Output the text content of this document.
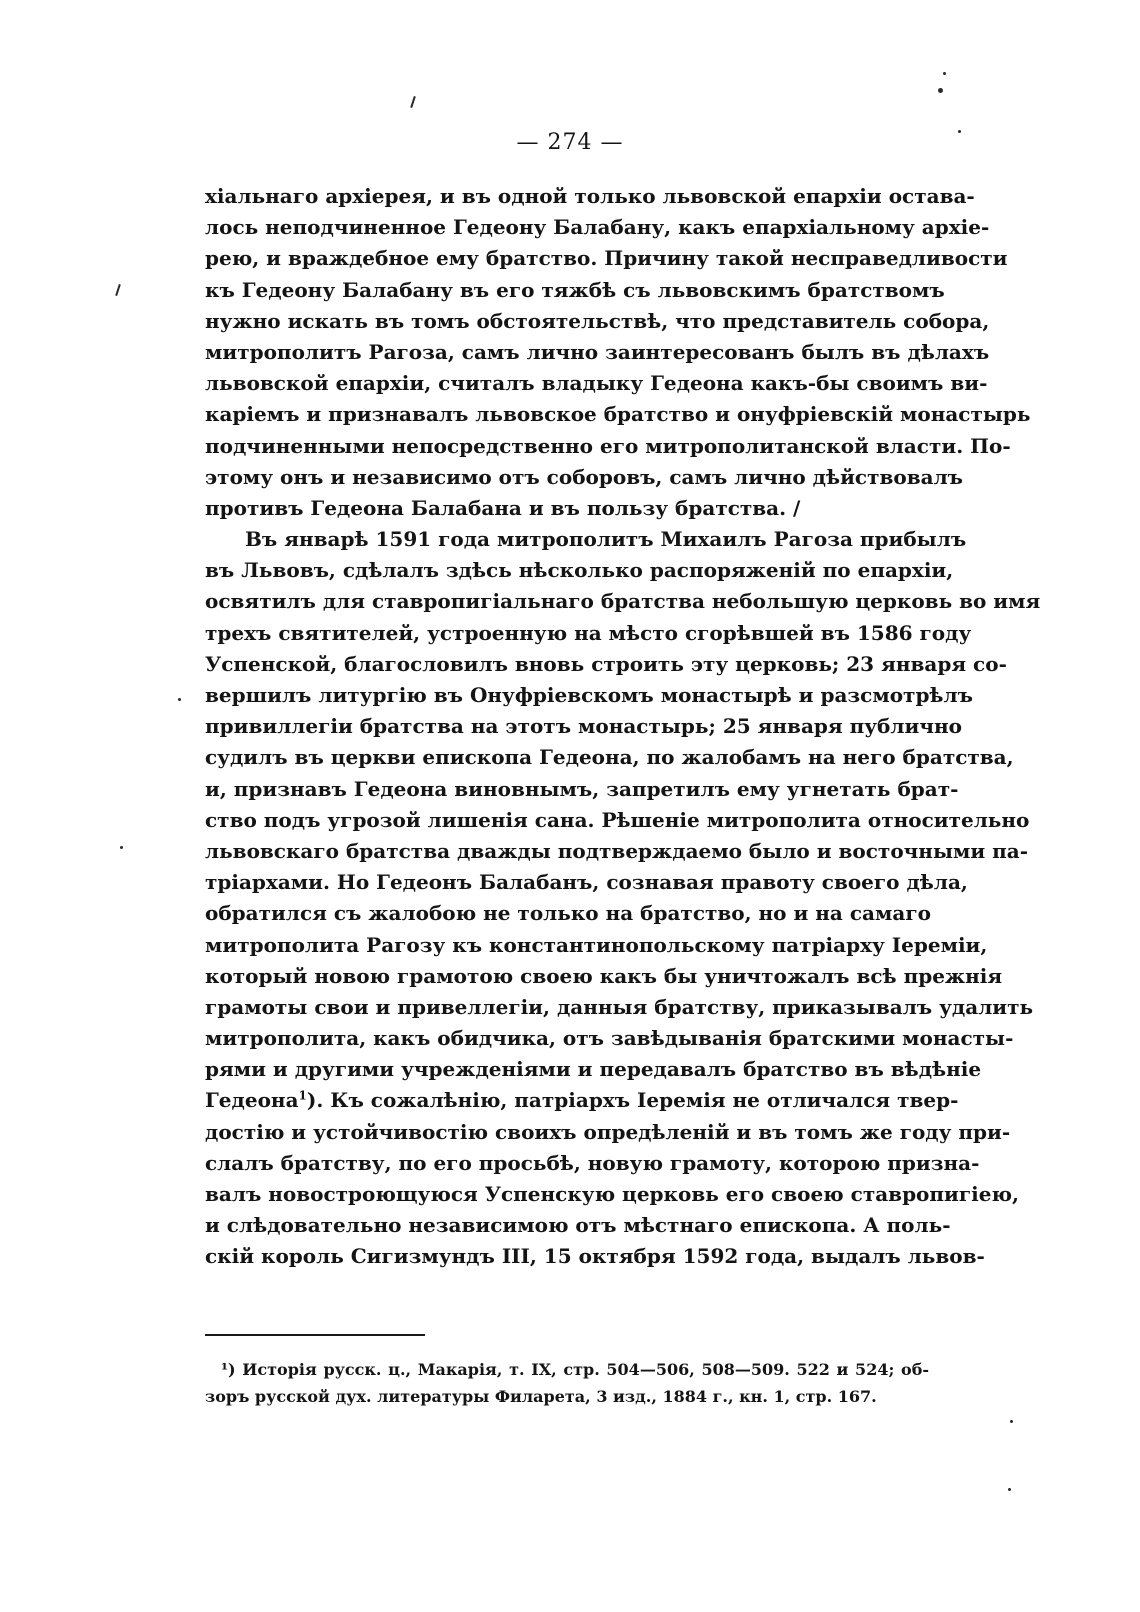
— 274 —
хіальнаго архіерея, и въ одной только львовской епархіи остава-
лось неподчиненное Гедеону Балабану, какъ епархіальному архіе-
рею, и враждебное ему братство. Причину такой несправедливости
къ Гедеону Балабану въ его тяжбѣ съ львовскимъ братствомъ
нужно искать въ томъ обстоятельствѣ, что представитель собора,
митрополитъ Рагоза, самъ лично заинтересованъ былъ въ дѣлахъ
львовской епархіи, считалъ владыку Гедеона какъ-бы своимъ ви-
каріемъ и признавалъ львовское братство и онуфріевскій монастырь
подчиненными непосредственно его митрополитанской власти. По-
этому онъ и независимо отъ соборовъ, самъ лично дѣйствовалъ
противъ Гедеона Балабана и въ пользу братства. /
Въ январѣ 1591 года митрополитъ Михаилъ Рагоза прибылъ
въ Львовъ, сдѣлалъ здѣсь нѣсколько распоряженій по епархіи,
освятилъ для ставропигіальнаго братства небольшую церковь во имя
трехъ святителей, устроенную на мѣсто сгорѣвшей въ 1586 году
Успенской, благословилъ вновь строить эту церковь; 23 января со-
вершилъ литургію въ Онуфріевскомъ монастырѣ и разсмотрѣлъ
привиллегіи братства на этотъ монастырь; 25 января публично
судилъ въ церкви епископа Гедеона, по жалобамъ на него братства,
и, признавъ Гедеона виновнымъ, запретилъ ему угнетать брат-
ство подъ угрозой лишенія сана. Рѣшеніе митрополита относительно
львовскаго братства дважды подтверждаемо было и восточными па-
тріархами. Но Гедеонъ Балабанъ, сознавая правоту своего дѣла,
обратился съ жалобою не только на братство, но и на самаго
митрополита Рагозу къ константинопольскому патріарху Іереміи,
который новою грамотою своею какъ бы уничтожалъ всѣ прежнія
грамоты свои и привеллегіи, данныя братству, приказывалъ удалить
митрополита, какъ обидчика, отъ завѣдыванія братскими монасты-
рями и другими учрежденіями и передавалъ братство въ вѣдѣніе
Гедеона$^1$). Къ сожалѣнію, патріархъ Іеремія не отличался твер-
достію и устойчивостію своихъ опредѣленій и въ томъ же году при-
слалъ братству, по его просьбѣ, новую грамоту, которою призна-
валъ новостроющуюся Успенскую церковь его своею ставропигіею,
и слѣдовательно независимою отъ мѣстнаго епископа. А поль-
скій король Сигизмундъ III, 15 октября 1592 года, выдалъ львов-
¹) Исторія русск. ц., Макарія, т. IX, стр. 504—506, 508—509. 522 и 524; об-
зоръ русской дух. литературы Филарета, 3 изд., 1884 г., кн. 1, стр. 167.
